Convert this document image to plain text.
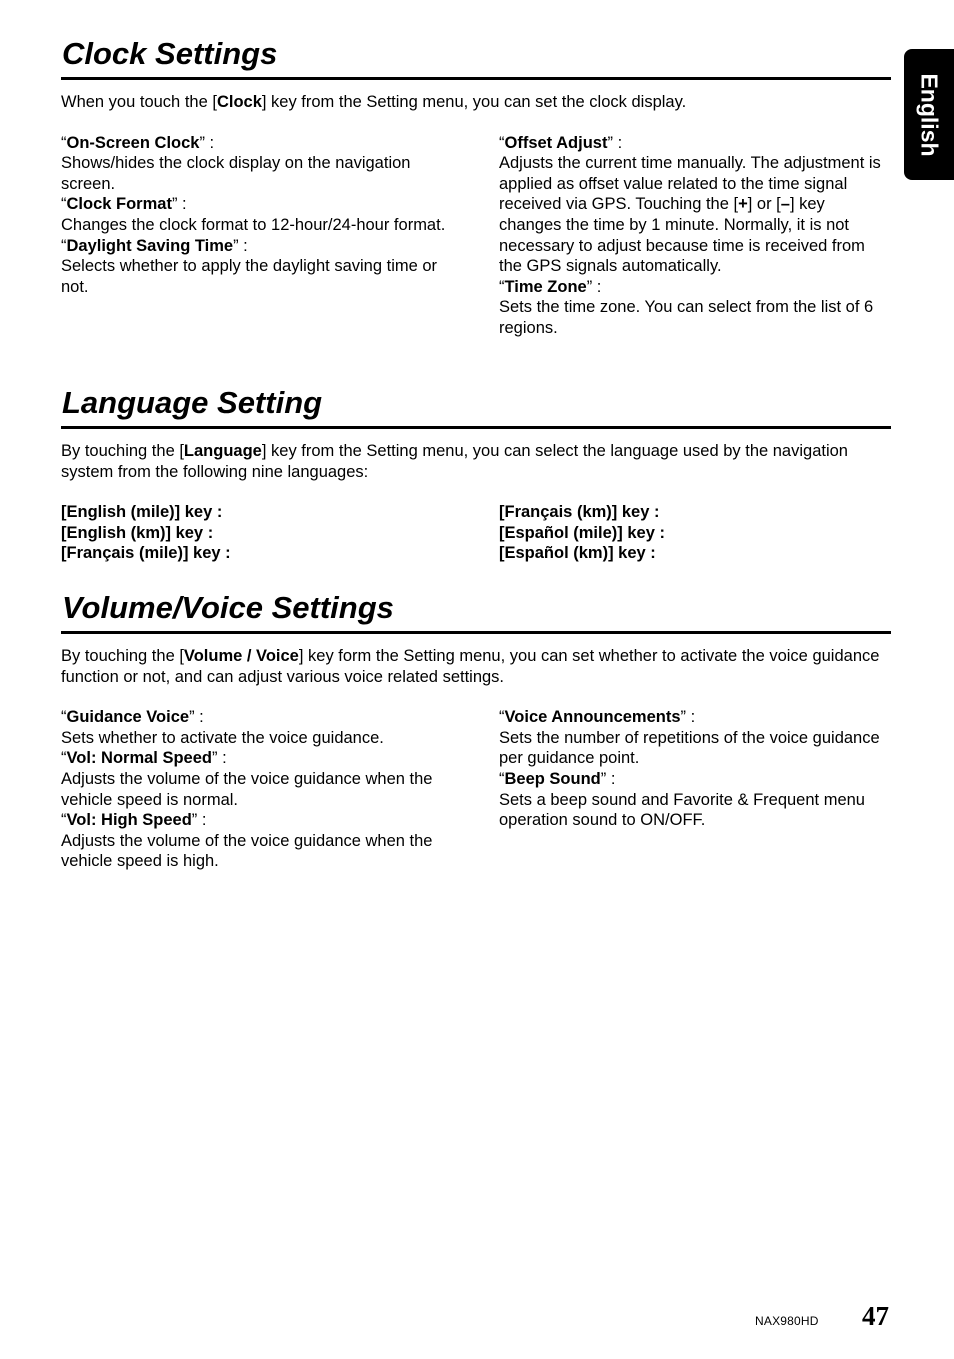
English
Clock Settings
When you touch the [Clock] key from the Setting menu, you can set the clock display.
“On-Screen Clock” :
Shows/hides the clock display on the navigation screen.
“Clock Format” :
Changes the clock format to 12-hour/24-hour format.
“Daylight Saving Time” :
Selects whether to apply the daylight saving time or not.
“Offset Adjust” :
Adjusts the current time manually. The adjustment is applied as offset value related to the time signal received via GPS. Touching the [+] or [–] key changes the time by 1 minute. Normally, it is not necessary to adjust because time is received from the GPS signals automatically.
“Time Zone” :
Sets the time zone. You can select from the list of 6 regions.
Language Setting
By touching the [Language] key from the Setting menu, you can select the language used by the navigation system from the following nine languages:
[English (mile)] key :
[English (km)] key :
[Français (mile)] key :
[Français (km)] key :
[Español (mile)] key :
[Español (km)] key :
Volume/Voice Settings
By touching the [Volume / Voice] key form the Setting menu, you can set whether to activate the voice guidance function or not, and can adjust various voice related settings.
“Guidance Voice” :
Sets whether to activate the voice guidance.
“Vol: Normal Speed” :
Adjusts the volume of the voice guidance when the vehicle speed is normal.
“Vol: High Speed” :
Adjusts the volume of the voice guidance when the vehicle speed is high.
“Voice Announcements” :
Sets the number of repetitions of the voice guidance per guidance point.
“Beep Sound” :
Sets a beep sound and Favorite & Frequent menu operation sound to ON/OFF.
NAX980HD 47
